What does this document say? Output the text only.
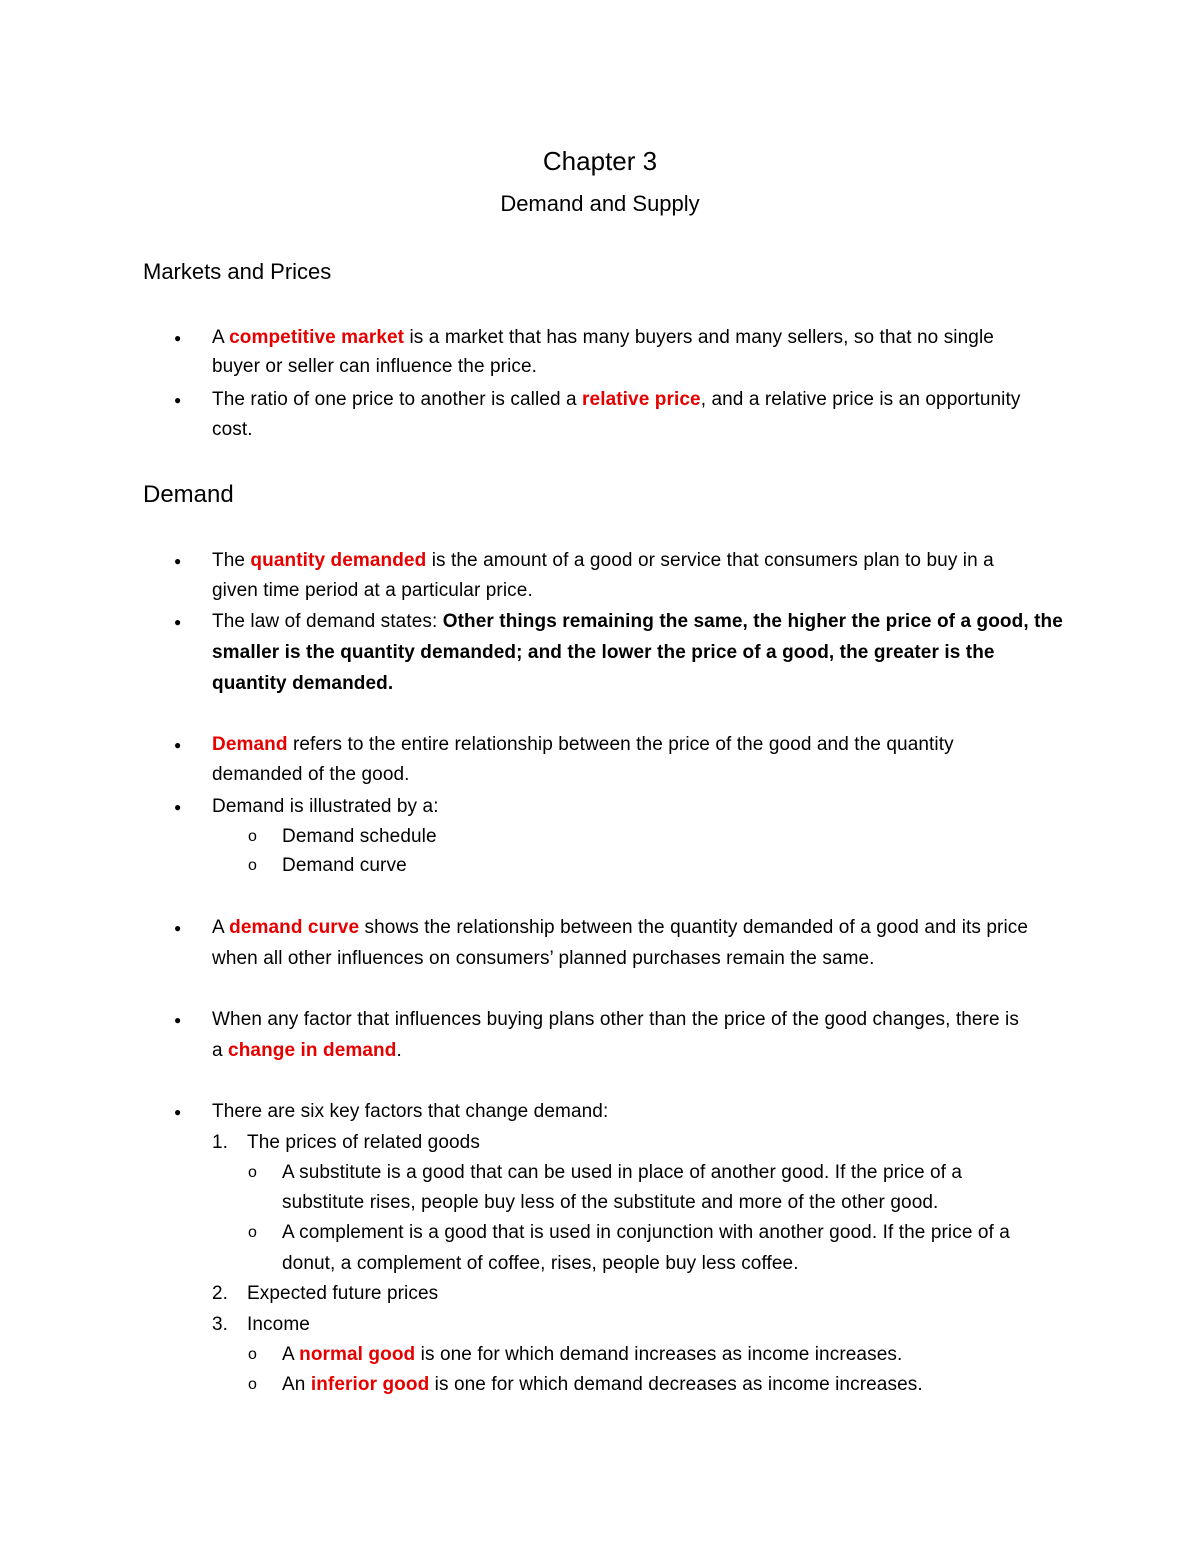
Chapter 3
Demand and Supply
Markets and Prices
● A competitive market is a market that has many buyers and many sellers, so that no single
buyer or seller can influence the price.
● The ratio of one price to another is called a relative price, and a relative price is an opportunity
cost.
Demand
● The quantity demanded is the amount of a good or service that consumers plan to buy in a
given time period at a particular price.
● The law of demand states: Other things remaining the same, the higher the price of a good, the
smaller is the quantity demanded; and the lower the price of a good, the greater is the
quantity demanded.
● Demand refers to the entire relationship between the price of the good and the quantity
demanded of the good.
● Demand is illustrated by a:
o Demand schedule
o Demand curve
● A demand curve shows the relationship between the quantity demanded of a good and its price
when all other influences on consumers’ planned purchases remain the same.
● When any factor that influences buying plans other than the price of the good changes, there is
a change in demand.
● There are six key factors that change demand:
1. The prices of related goods
o A substitute is a good that can be used in place of another good. If the price of a
substitute rises, people buy less of the substitute and more of the other good.
o A complement is a good that is used in conjunction with another good. If the price of a
donut, a complement of coffee, rises, people buy less coffee.
2. Expected future prices
3. Income
o A normal good is one for which demand increases as income increases.
o An inferior good is one for which demand decreases as income increases.
